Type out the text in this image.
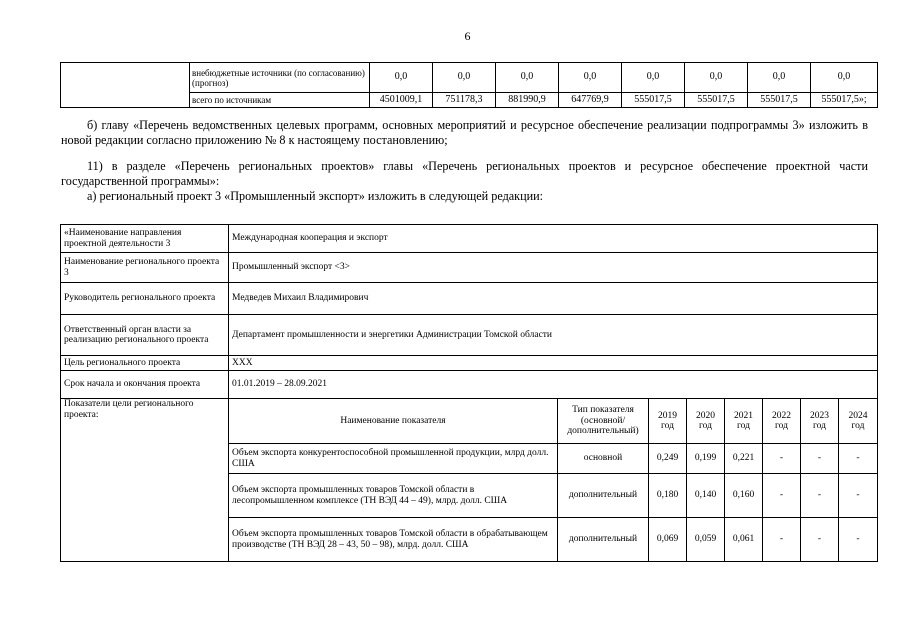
6
	внебюджетные источники (по согласованию) (прогноз)	0,0	0,0	0,0	0,0	0,0	0,0	0,0	0,0
	всего по источникам	4501009,1	751178,3	881990,9	647769,9	555017,5	555017,5	555017,5	555017,5»;

б) главу «Перечень ведомственных целевых программ, основных мероприятий и ресурсное обеспечение реализации подпрограммы 3» изложить в новой редакции согласно приложению № 8 к настоящему постановлению;

11) в разделе «Перечень региональных проектов» главы «Перечень региональных проектов и ресурсное обеспечение проектной части государственной программы»:

а) региональный проект 3 «Промышленный экспорт» изложить в следующей редакции:

«Наименование направления проектной деятельности 3	Международная кооперация и экспорт							
Наименование регионального проекта 3	Промышленный экспорт <3>							
Руководитель регионального проекта	Медведев Михаил Владимирович							
Ответственный орган власти за реализацию регионального проекта	Департамент промышленности и энергетики Администрации Томской области							
Цель регионального проекта	ХХХ							
Срок начала и окончания проекта	01.01.2019 – 28.09.2021							
Показатели цели регионального проекта:	Наименование показателя	Тип показателя (основной/ дополнительный)	2019 год	2020 год	2021 год	2022 год	2023 год	2024 год
	Объем экспорта конкурентоспособной промышленной продукции, млрд долл. США	основной	0,249	0,199	0,221	-	-	-
	Объем экспорта промышленных товаров Томской области в лесопромышленном комплексе (ТН ВЭД 44 – 49), млрд. долл. США	дополнительный	0,180	0,140	0,160	-	-	-
	Объем экспорта промышленных товаров Томской области в обрабатывающем производстве (ТН ВЭД 28 – 43, 50 – 98), млрд. долл. США	дополнительный	0,069	0,059	0,061	-	-	-
